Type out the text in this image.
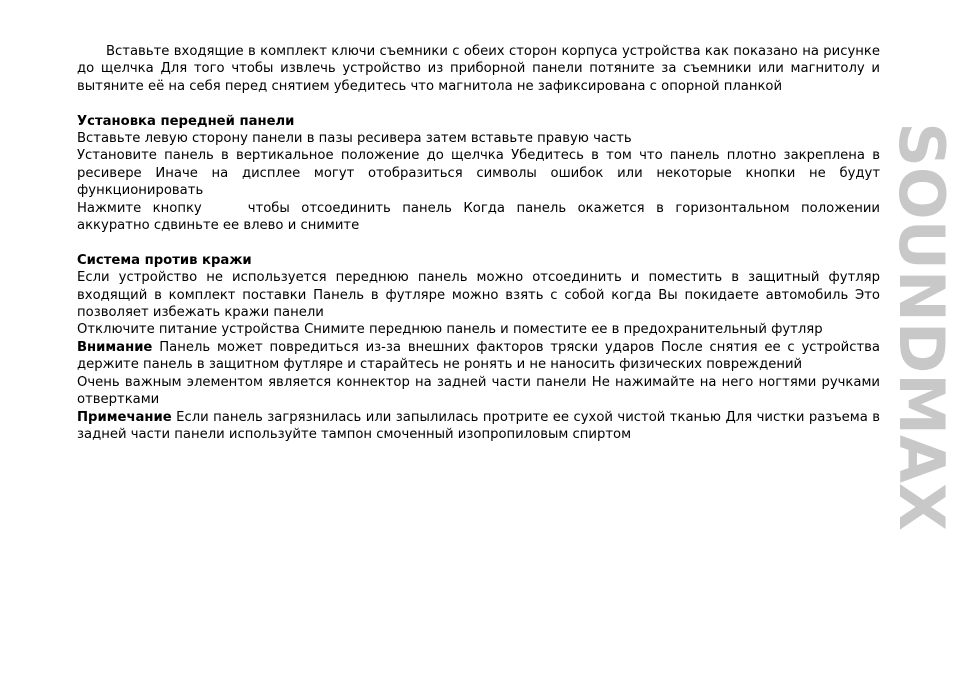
Вставьте входящие в комплект ключи съемники с обеих сторон корпуса устройства как показано на рисунке до щелчка Для того чтобы извлечь устройство из приборной панели потяните за съемники или магнитолу и вытяните её на себя перед снятием убедитесь что магнитола не зафиксирована с опорной планкой

Установка передней панели

Вставьте левую сторону панели в пазы ресивера затем вставьте правую часть

Установите панель в вертикальное положение до щелчка Убедитесь в том что панель плотно закреплена в ресивере Иначе на дисплее могут отобразиться символы ошибок или некоторые кнопки не будут функционировать

Нажмите кнопку	чтобы отсоединить панель Когда панель окажется в горизонтальном положении аккуратно сдвиньте ее влево и снимите

Система против кражи

Если устройство не используется переднюю панель можно отсоединить и поместить в защитный футляр входящий в комплект поставки Панель в футляре можно взять с собой когда Вы покидаете автомобиль Это позволяет избежать кражи панели

Отключите питание устройства Снимите переднюю панель и поместите ее в предохранительный футляр

Внимание Панель может повредиться из-за внешних факторов тряски ударов После снятия ее с устройства держите панель в защитном футляре и старайтесь не ронять и не наносить физических повреждений

Очень важным элементом является коннектор на задней части панели Не нажимайте на него ногтями ручками отвертками

Примечание Если панель загрязнилась или запылилась протрите ее сухой чистой тканью Для чистки разъема в задней части панели используйте тампон смоченный изопропиловым спиртом	SOUNDMAX
